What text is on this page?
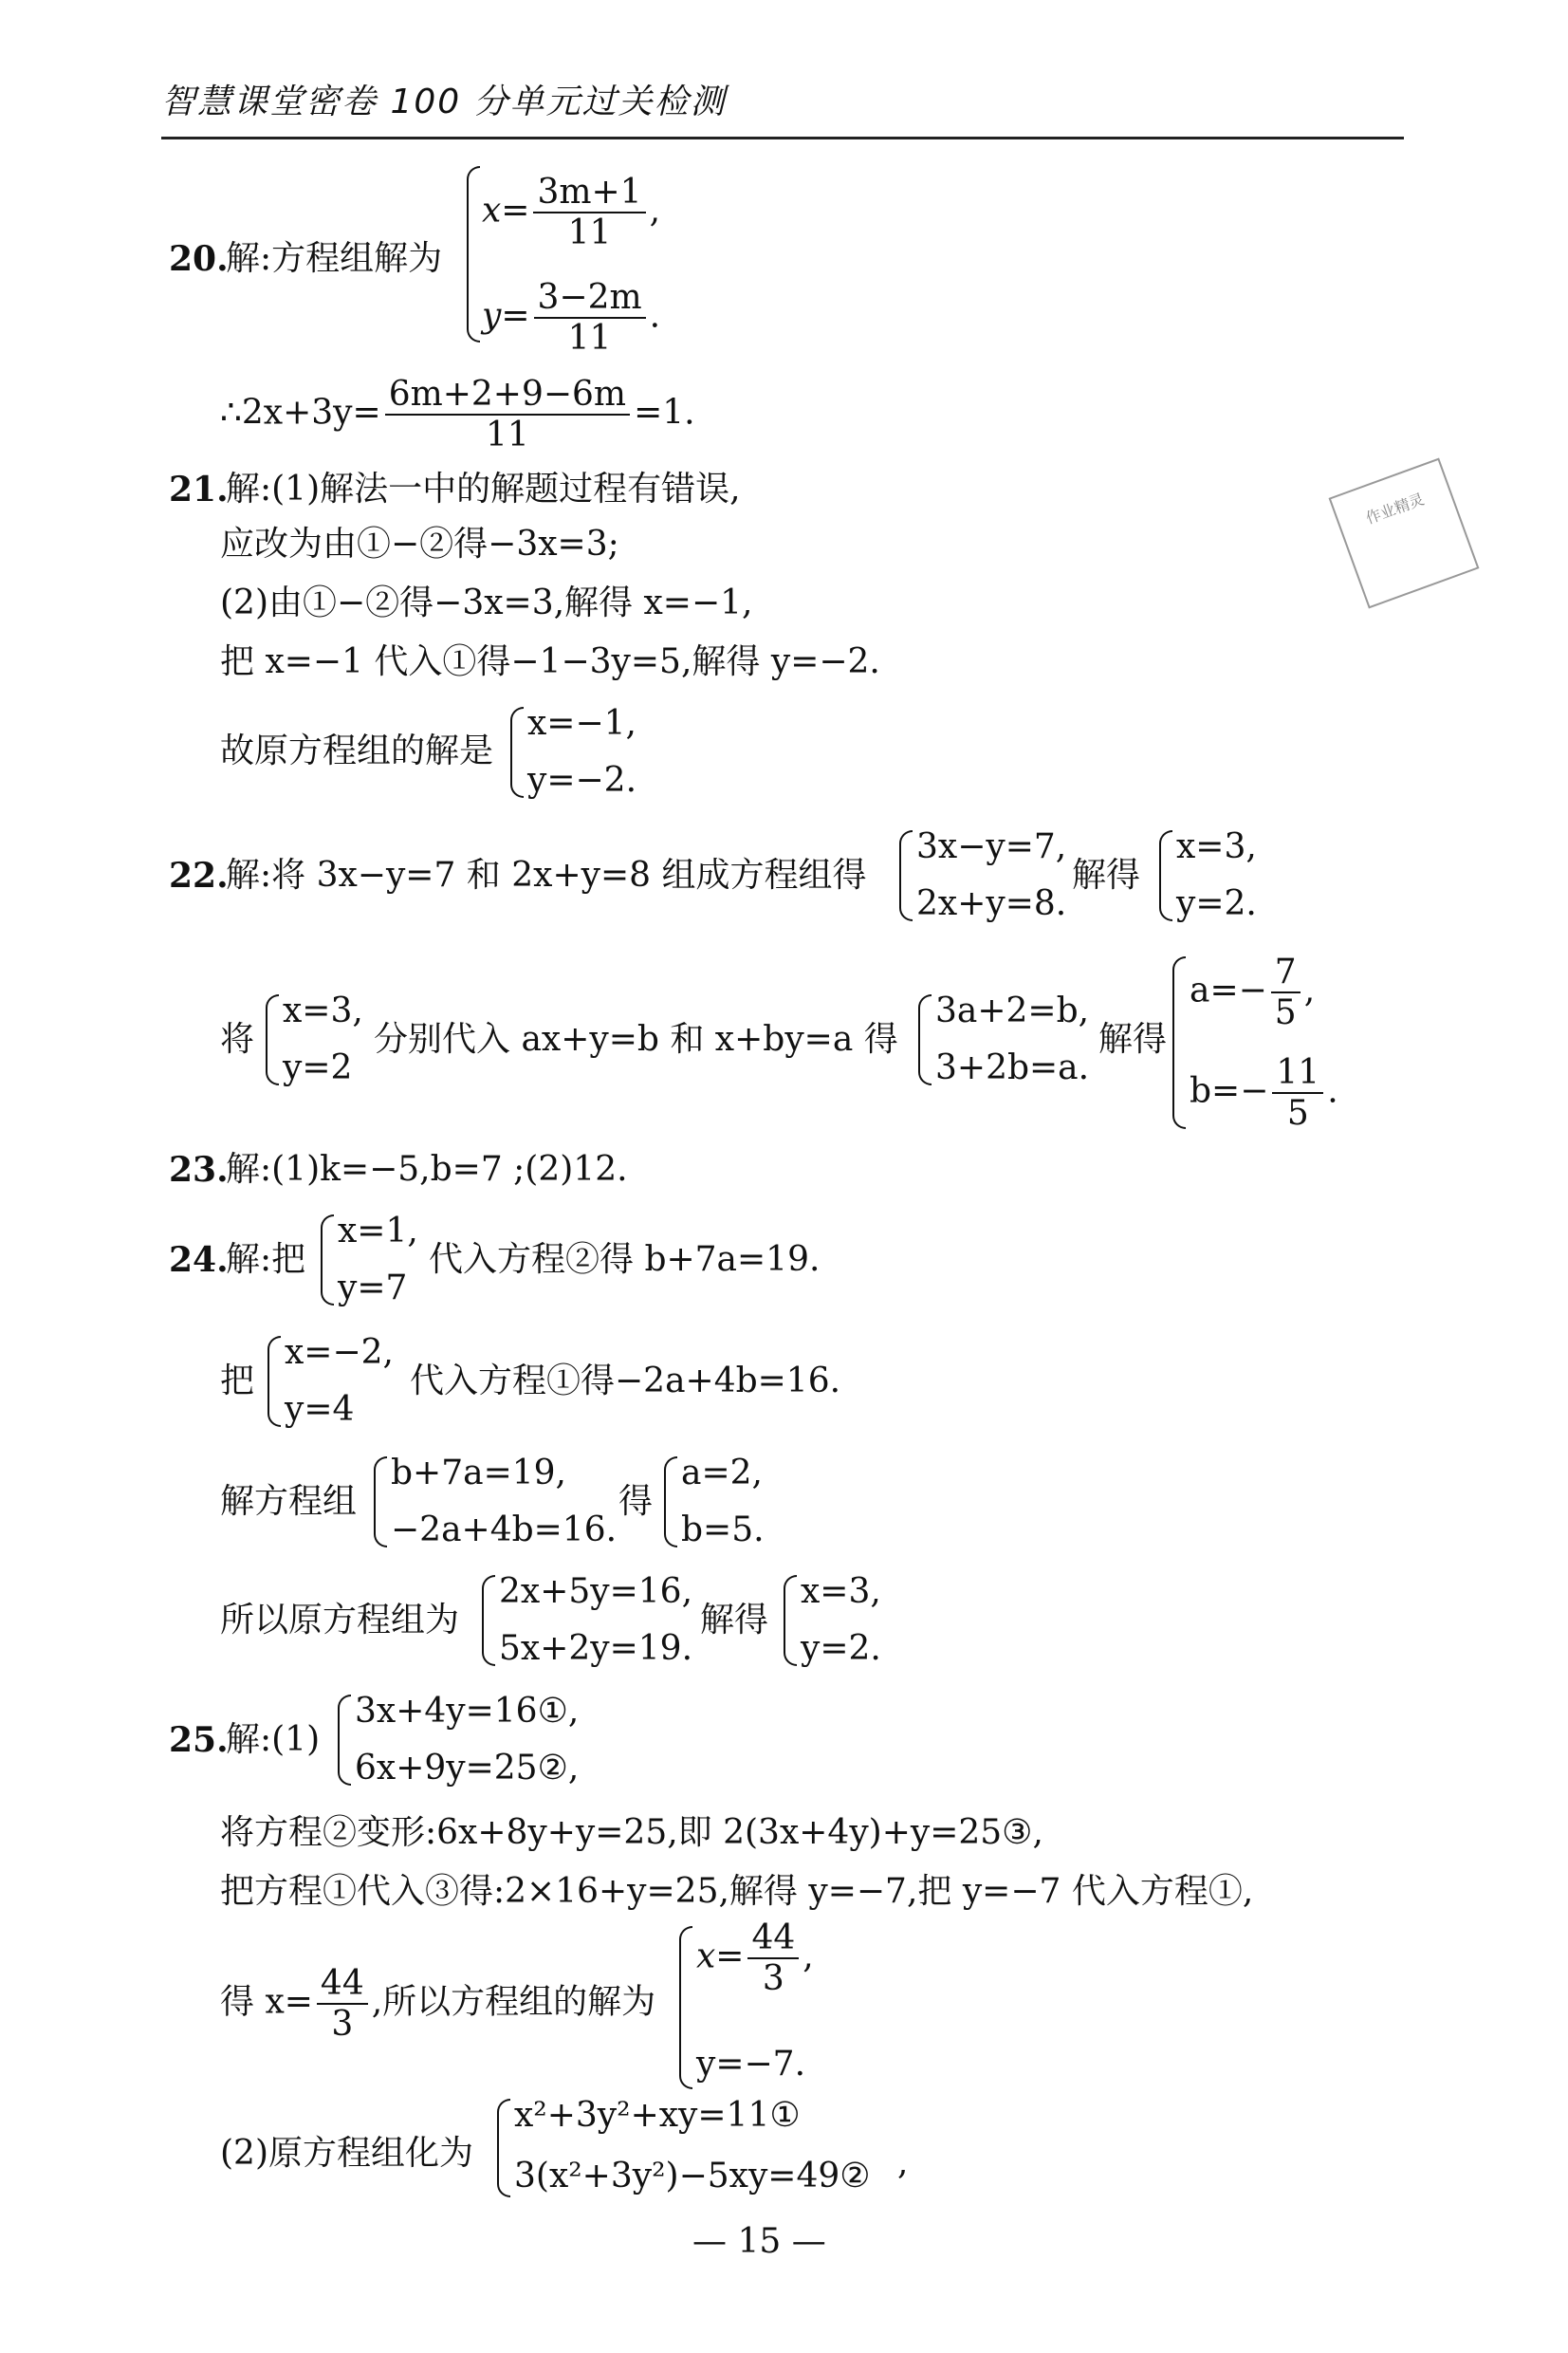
智慧课堂密卷 100 分单元过关检测
20.
解:方程组解为
$x= \frac{3m+1}{11}$ ,
$y= \frac{3-2m}{11}$ .
∴2x+3y= $\frac{6m+2+9-6m}{11} =1$.
21.
解:(1)解法一中的解题过程有错误,
应改为由①−②得−3x=3;
(2)由①−②得−3x=3,解得 x=−1,
把 x=−1 代入①得−1−3y=5,解得 y=−2.
故原方程组的解是
x=−1,
y=−2.
22.
解:将 3x−y=7 和 2x+y=8 组成方程组得
3x−y=7,
2x+y=8.
解得
x=3,
y=2.
将
x=3,
y=2
分别代入 ax+y=b 和 x+by=a 得
3a+2=b,
3+2b=a.
解得
$a=- \frac{7}{5}$ ,
$b=- \frac{11}{5}$ .
23.
解:(1)k=−5,b=7 ;(2)12.
24.
解:把
x=1,
y=7
代入方程②得 b+7a=19.
把
x=−2,
y=4
代入方程①得−2a+4b=16.
解方程组
b+7a=19,
−2a+4b=16.
得
a=2,
b=5.
所以原方程组为
2x+5y=16,
5x+2y=19.
解得
x=3,
y=2.
25.
解:(1)
3x+4y=16①,
6x+9y=25②,
将方程②变形:6x+8y+y=25,即 2(3x+4y)+y=25③,
把方程①代入③得:2×16+y=25,解得 y=−7,把 y=−7 代入方程①,
得 $x= \frac{44}{3}$ ,所以方程组的解为
$x= \frac{44}{3}$ ,
y=−7.
(2)原方程组化为
x²+3y²+xy=11①
3(x²+3y²)−5xy=49② ,
作业精灵
— 15 —
